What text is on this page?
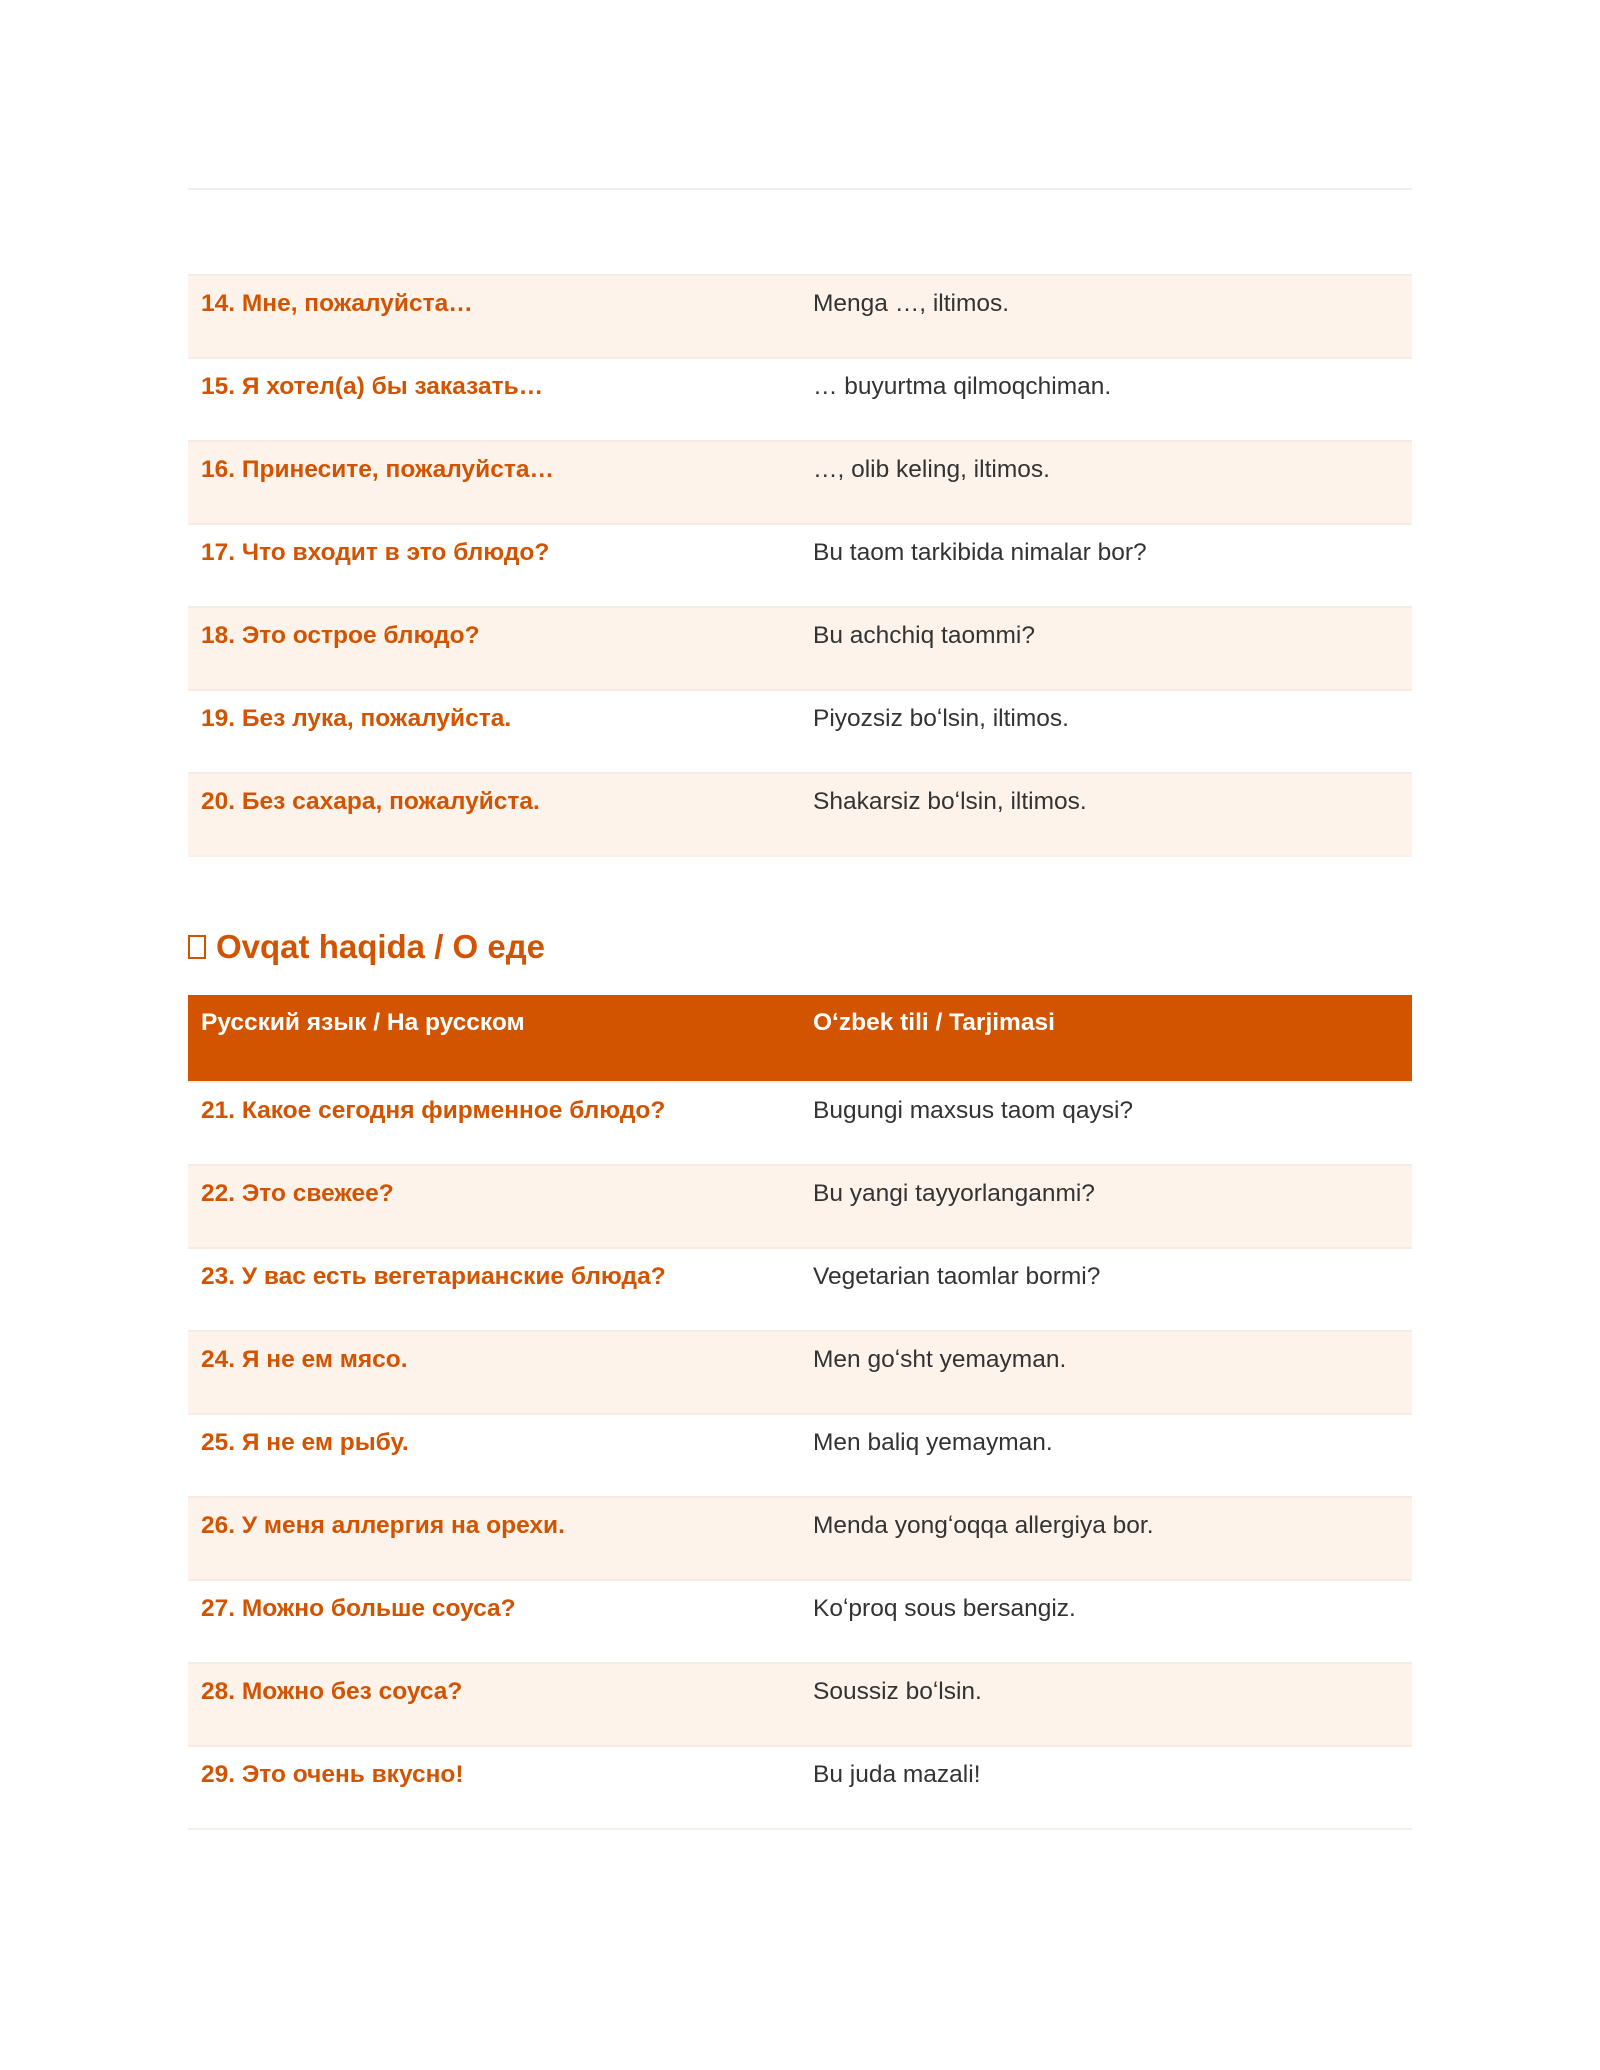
14. Мне, пожалуйста…	Menga …, iltimos.
15. Я хотел(а) бы заказать…	… buyurtma qilmoqchiman.
16. Принесите, пожалуйста…	…, olib keling, iltimos.
17. Что входит в это блюдо?	Bu taom tarkibida nimalar bor?
18. Это острое блюдо?	Bu achchiq taommi?
19. Без лука, пожалуйста.	Piyozsiz boʻlsin, iltimos.
20. Без сахара, пожалуйста.	Shakarsiz boʻlsin, iltimos.
Ovqat haqida / О еде
Русский язык / На русском	Oʻzbek tili / Tarjimasi
21. Какое сегодня фирменное блюдо?	Bugungi maxsus taom qaysi?
22. Это свежее?	Bu yangi tayyorlanganmi?
23. У вас есть вегетарианские блюда?	Vegetarian taomlar bormi?
24. Я не ем мясо.	Men goʻsht yemayman.
25. Я не ем рыбу.	Men baliq yemayman.
26. У меня аллергия на орехи.	Menda yongʻoqqa allergiya bor.
27. Можно больше соуса?	Koʻproq sous bersangiz.
28. Можно без соуса?	Soussiz boʻlsin.
29. Это очень вкусно!	Bu juda mazali!
